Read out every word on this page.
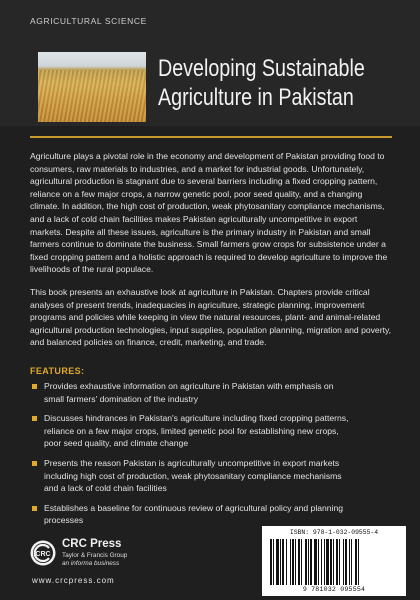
AGRICULTURAL SCIENCE
Developing Sustainable
Agriculture in Pakistan

Agriculture plays a pivotal role in the economy and development of Pakistan providing food to consumers, raw materials to industries, and a market for industrial goods. Unfortunately, agricultural production is stagnant due to several barriers including a fixed cropping pattern, reliance on a few major crops, a narrow genetic pool, poor seed quality, and a changing climate. In addition, the high cost of production, weak phytosanitary compliance mechanisms, and a lack of cold chain facilities makes Pakistan agriculturally uncompetitive in export markets. Despite all these issues, agriculture is the primary industry in Pakistan and small farmers continue to dominate the business. Small farmers grow crops for subsistence under a fixed cropping pattern and a holistic approach is required to develop agriculture to improve the livelihoods of the rural populace.

This book presents an exhaustive look at agriculture in Pakistan. Chapters provide critical analyses of present trends, inadequacies in agriculture, strategic planning, improvement programs and policies while keeping in view the natural resources, plant- and animal-related agricultural production technologies, input supplies, population planning, migration and poverty, and balanced policies on finance, credit, marketing, and trade.

FEATURES:
Provides exhaustive information on agriculture in Pakistan with emphasis on small farmers' domination of the industry
Discusses hindrances in Pakistan's agriculture including fixed cropping patterns, reliance on a few major crops, limited genetic pool for establishing new crops, poor seed quality, and climate change
Presents the reason Pakistan is agriculturally uncompetitive in export markets including high cost of production, weak phytosanitary compliance mechanisms and a lack of cold chain facilities
Establishes a baseline for continuous review of agricultural policy and planning processes
CRC
CRC Press
Taylor & Francis Group
an informa business
www.crcpress.com
ISBN: 978-1-032-09555-4
9 781032 095554
